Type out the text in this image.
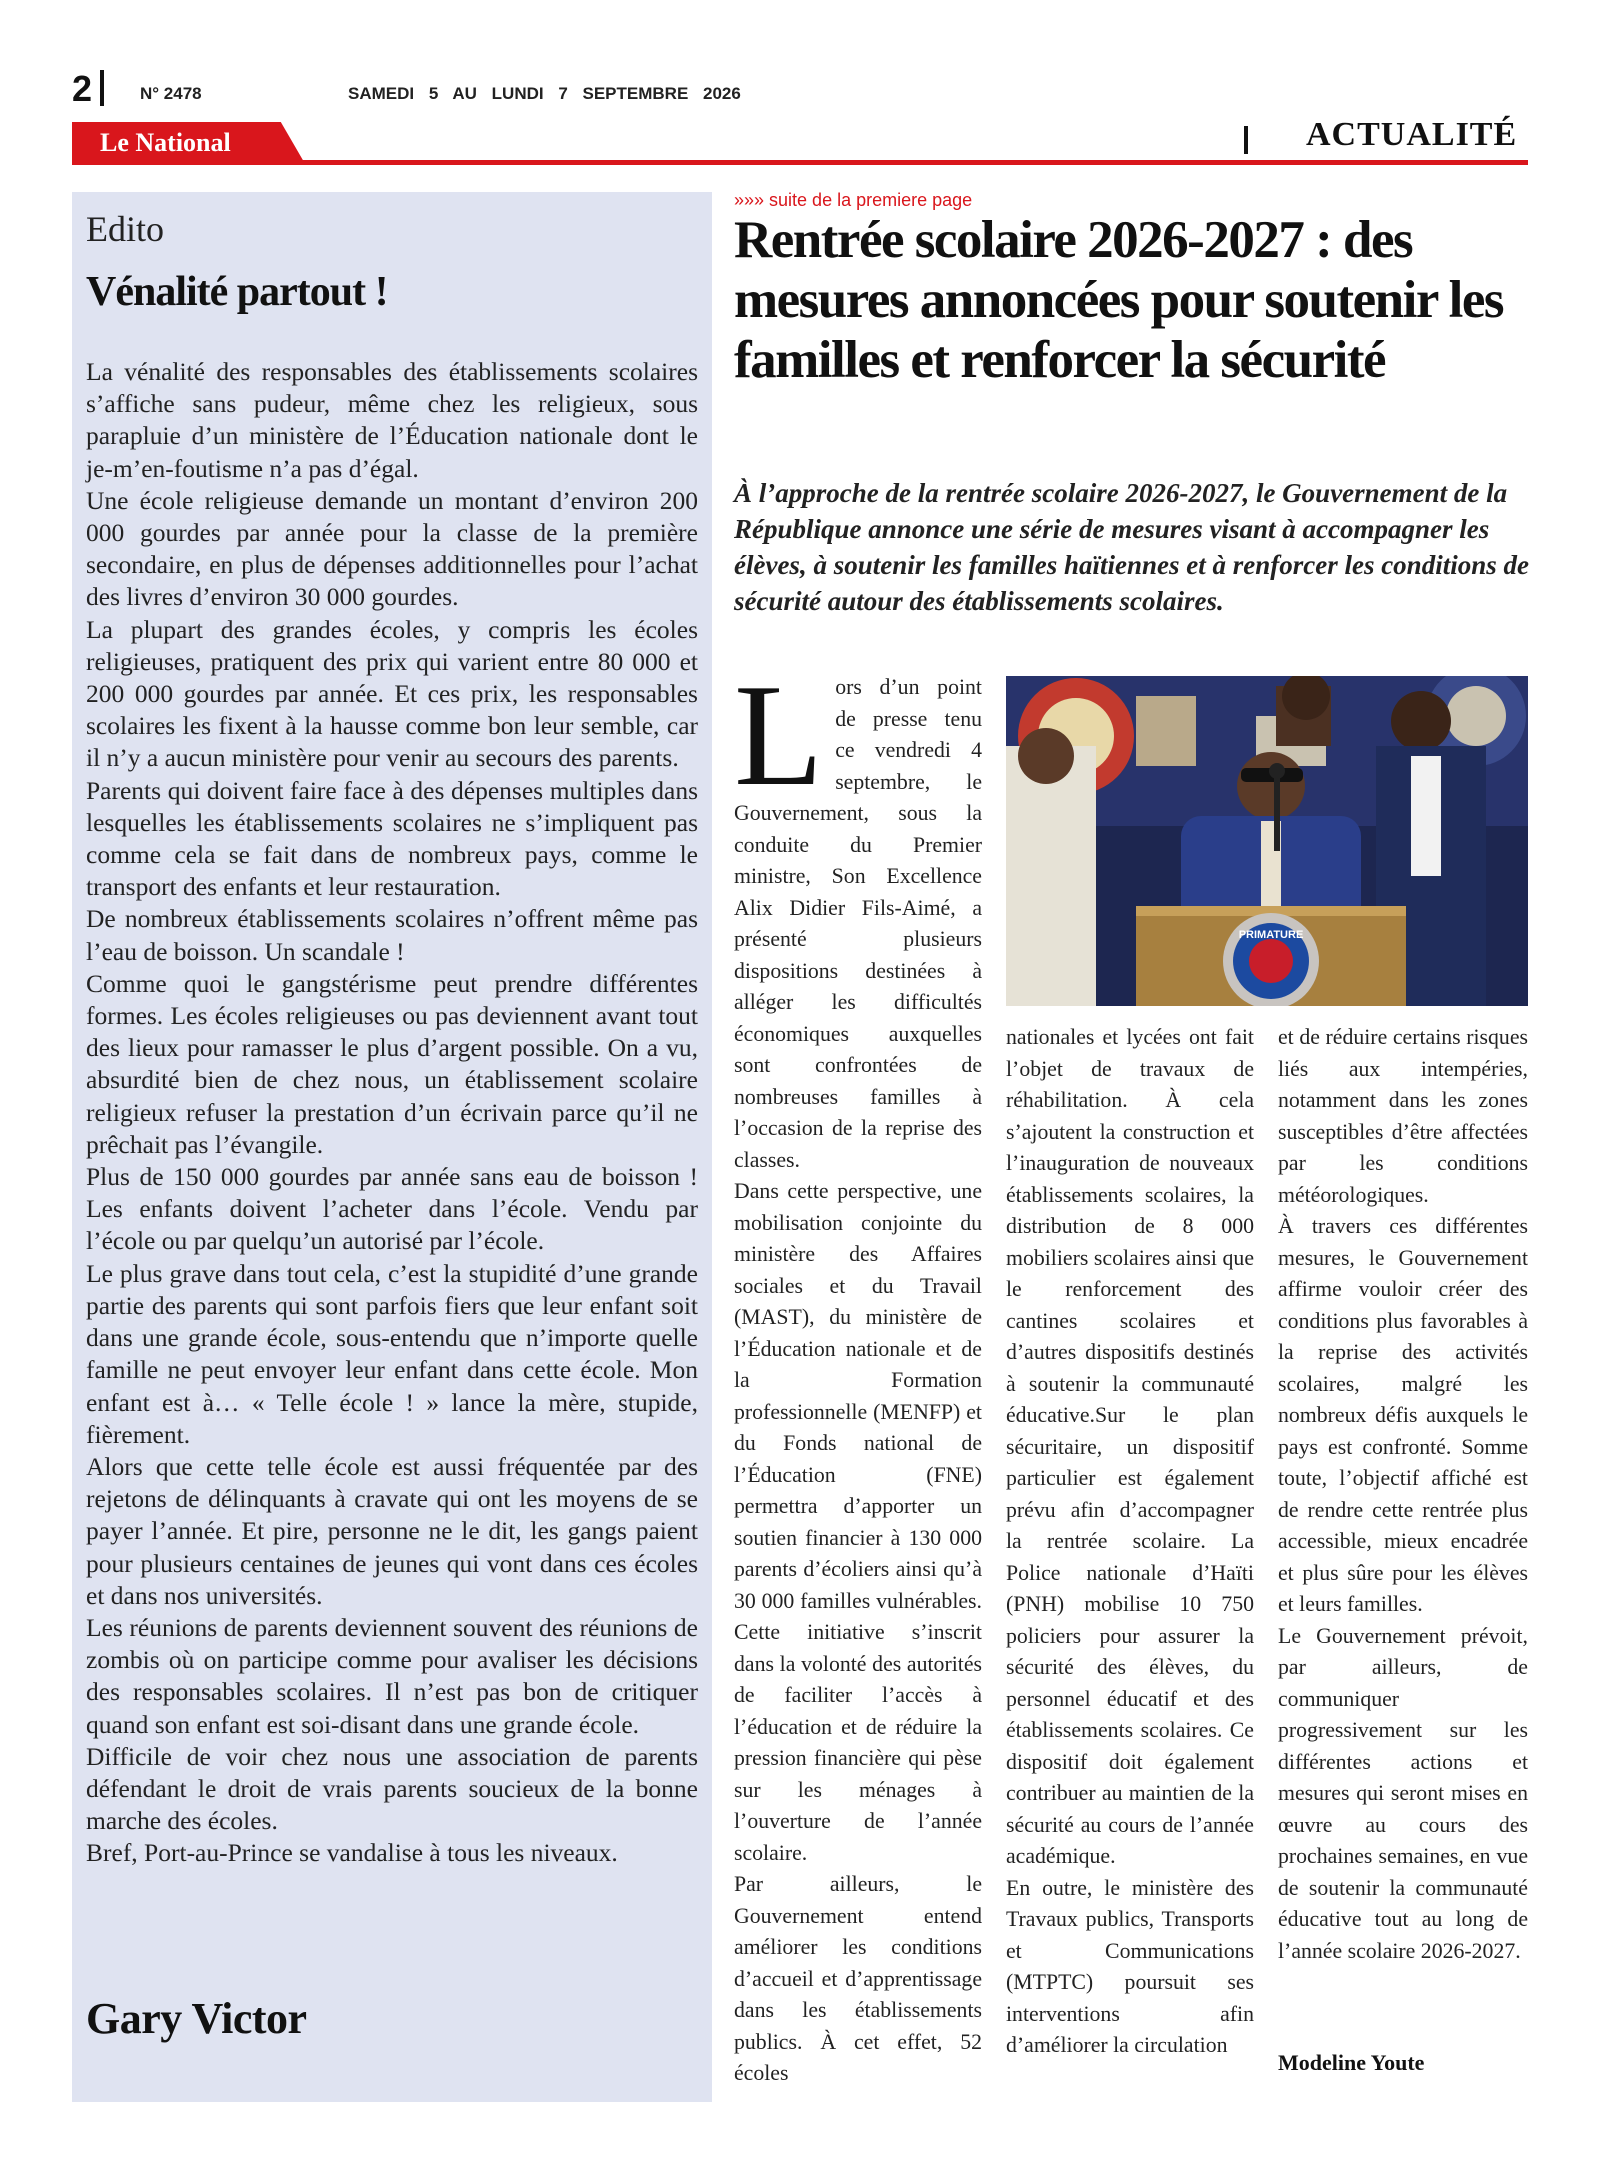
2	N° 2478	SAMEDI 5 AU LUNDI 7 SEPTEMBRE 2026
Le National	ACTUALITÉ
Edito
Vénalité partout !

La vénalité des responsables des établissements scolaires s’affiche sans pudeur, même chez les religieux, sous parapluie d’un ministère de l’Éducation nationale dont le je-m’en-foutisme n’a pas d’égal.

Une école religieuse demande un montant d’environ 200 000 gourdes par année pour la classe de la première secondaire, en plus de dépenses additionnelles pour l’achat des livres d’environ 30 000 gourdes.

La plupart des grandes écoles, y compris les écoles religieuses, pratiquent des prix qui varient entre 80 000 et 200 000 gourdes par année. Et ces prix, les responsables scolaires les fixent à la hausse comme bon leur semble, car il n’y a aucun ministère pour venir au secours des parents.

Parents qui doivent faire face à des dépenses multiples dans lesquelles les établissements scolaires ne s’impliquent pas comme cela se fait dans de nombreux pays, comme le transport des enfants et leur restauration.

De nombreux établissements scolaires n’offrent même pas l’eau de boisson. Un scandale !

Comme quoi le gangstérisme peut prendre différentes formes. Les écoles religieuses ou pas deviennent avant tout des lieux pour ramasser le plus d’argent possible. On a vu, absurdité bien de chez nous, un établissement scolaire religieux refuser la prestation d’un écrivain parce qu’il ne prêchait pas l’évangile.

Plus de 150 000 gourdes par année sans eau de boisson ! Les enfants doivent l’acheter dans l’école. Vendu par l’école ou par quelqu’un autorisé par l’école.

Le plus grave dans tout cela, c’est la stupidité d’une grande partie des parents qui sont parfois fiers que leur enfant soit dans une grande école, sous-entendu que n’importe quelle famille ne peut envoyer leur enfant dans cette école. Mon enfant est à… « Telle école ! » lance la mère, stupide, fièrement.

Alors que cette telle école est aussi fréquentée par des rejetons de délinquants à cravate qui ont les moyens de se payer l’année. Et pire, personne ne le dit, les gangs paient pour plusieurs centaines de jeunes qui vont dans ces écoles et dans nos universités.

Les réunions de parents deviennent souvent des réunions de zombis où on participe comme pour avaliser les décisions des responsables scolaires. Il n’est pas bon de critiquer quand son enfant est soi-disant dans une grande école.

Difficile de voir chez nous une association de parents défendant le droit de vrais parents soucieux de la bonne marche des écoles.

Bref, Port-au-Prince se vandalise à tous les niveaux.

Gary Victor
»»» suite de la premiere page
Rentrée scolaire 2026-2027 : des mesures annoncées pour soutenir les familles et renforcer la sécurité
À l’approche de la rentrée scolaire 2026-2027, le Gouvernement de la République annonce une série de mesures visant à accompagner les élèves, à soutenir les familles haïtiennes et à renforcer les conditions de sécurité autour des établissements scolaires.
L ors d’un point de presse tenu ce vendredi 4 septembre, le Gouvernement, sous la conduite du Premier ministre, Son Excellence Alix Didier Fils-Aimé, a présenté plusieurs dispositions destinées à alléger les difficultés économiques auxquelles sont confrontées de nombreuses familles à l’occasion de la reprise des classes.

Dans cette perspective, une mobilisation conjointe du ministère des Affaires sociales et du Travail (MAST), du ministère de l’Éducation nationale et de la Formation professionnelle (MENFP) et du Fonds national de l’Éducation (FNE) permettra d’apporter un soutien financier à 130 000 parents d’écoliers ainsi qu’à 30 000 familles vulnérables. Cette initiative s’inscrit dans la volonté des autorités de faciliter l’accès à l’éducation et de réduire la pression financière qui pèse sur les ménages à l’ouverture de l’année scolaire.

Par ailleurs, le Gouvernement entend améliorer les conditions d’accueil et d’apprentissage dans les établissements publics. À cet effet, 52 écoles

PRIMATURE

nationales et lycées ont fait l’objet de travaux de réhabilitation. À cela s’ajoutent la construction et l’inauguration de nouveaux établissements scolaires, la distribution de 8 000 mobiliers scolaires ainsi que le renforcement des cantines scolaires et d’autres dispositifs destinés à soutenir la communauté éducative.Sur le plan sécuritaire, un dispositif particulier est également prévu afin d’accompagner la rentrée scolaire. La Police nationale d’Haïti (PNH) mobilise 10 750 policiers pour assurer la sécurité des élèves, du personnel éducatif et des établissements scolaires. Ce dispositif doit également contribuer au maintien de la sécurité au cours de l’année académique.

En outre, le ministère des Travaux publics, Transports et Communications (MTPTC) poursuit ses interventions afin d’améliorer la circulation

et de réduire certains risques liés aux intempéries, notamment dans les zones susceptibles d’être affectées par les conditions météorologiques.

À travers ces différentes mesures, le Gouvernement affirme vouloir créer des conditions plus favorables à la reprise des activités scolaires, malgré les nombreux défis auxquels le pays est confronté. Somme toute, l’objectif affiché est de rendre cette rentrée plus accessible, mieux encadrée et plus sûre pour les élèves et leurs familles.

Le Gouvernement prévoit, par ailleurs, de communiquer progressivement sur les différentes actions et mesures qui seront mises en œuvre au cours des prochaines semaines, en vue de soutenir la communauté éducative tout au long de l’année scolaire 2026-2027.

Modeline Youte
